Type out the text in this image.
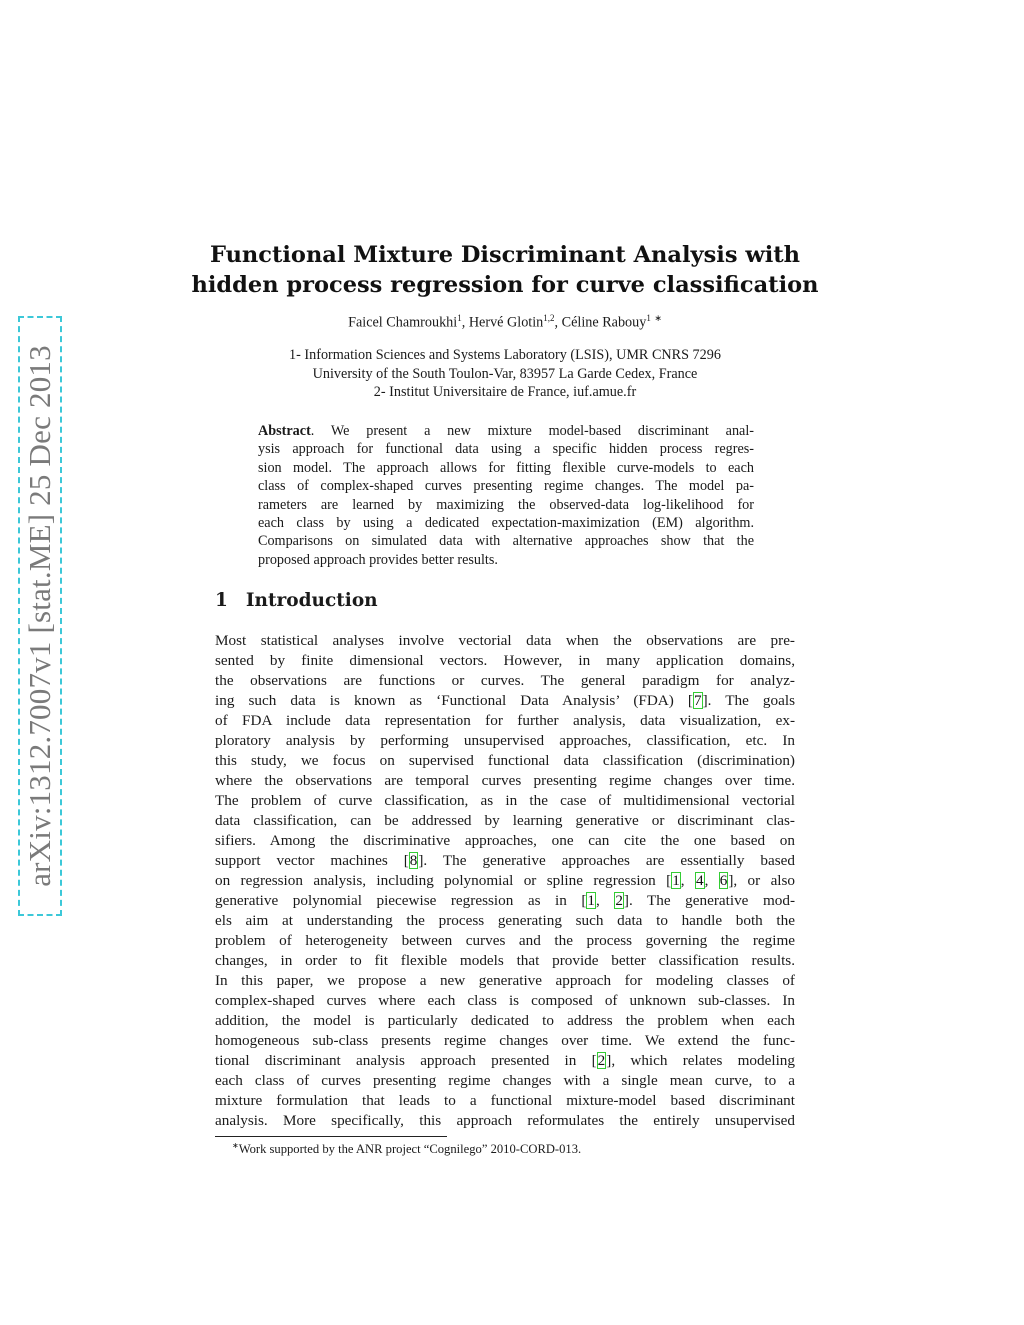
arXiv:1312.7007v1 [stat.ME] 25 Dec 2013
Functional Mixture Discriminant Analysis with
hidden process regression for curve classification
Faicel Chamroukhi$^1$, Hervé Glotin$^{1,2}$, Céline Rabouy$^1$ ∗
1- Information Sciences and Systems Laboratory (LSIS), UMR CNRS 7296
University of the South Toulon-Var, 83957 La Garde Cedex, France
2- Institut Universitaire de France, iuf.amue.fr
Abstract. We present a new mixture model-based discriminant anal-
ysis approach for functional data using a specific hidden process regres-
sion model. The approach allows for fitting flexible curve-models to each
class of complex-shaped curves presenting regime changes. The model pa-
rameters are learned by maximizing the observed-data log-likelihood for
each class by using a dedicated expectation-maximization (EM) algorithm.
Comparisons on simulated data with alternative approaches show that the
proposed approach provides better results.
1 Introduction
Most statistical analyses involve vectorial data when the observations are pre-
sented by finite dimensional vectors. However, in many application domains,
the observations are functions or curves. The general paradigm for analyz-
ing such data is known as ‘Functional Data Analysis’ (FDA) [7]. The goals
of FDA include data representation for further analysis, data visualization, ex-
ploratory analysis by performing unsupervised approaches, classification, etc. In
this study, we focus on supervised functional data classification (discrimination)
where the observations are temporal curves presenting regime changes over time.
The problem of curve classification, as in the case of multidimensional vectorial
data classification, can be addressed by learning generative or discriminant clas-
sifiers. Among the discriminative approaches, one can cite the one based on
support vector machines [8]. The generative approaches are essentially based
on regression analysis, including polynomial or spline regression [1, 4, 6], or also
generative polynomial piecewise regression as in [1, 2]. The generative mod-
els aim at understanding the process generating such data to handle both the
problem of heterogeneity between curves and the process governing the regime
changes, in order to fit flexible models that provide better classification results.
In this paper, we propose a new generative approach for modeling classes of
complex-shaped curves where each class is composed of unknown sub-classes. In
addition, the model is particularly dedicated to address the problem when each
homogeneous sub-class presents regime changes over time. We extend the func-
tional discriminant analysis approach presented in [2], which relates modeling
each class of curves presenting regime changes with a single mean curve, to a
mixture formulation that leads to a functional mixture-model based discriminant
analysis. More specifically, this approach reformulates the entirely unsupervised
∗Work supported by the ANR project “Cognilego” 2010-CORD-013.
